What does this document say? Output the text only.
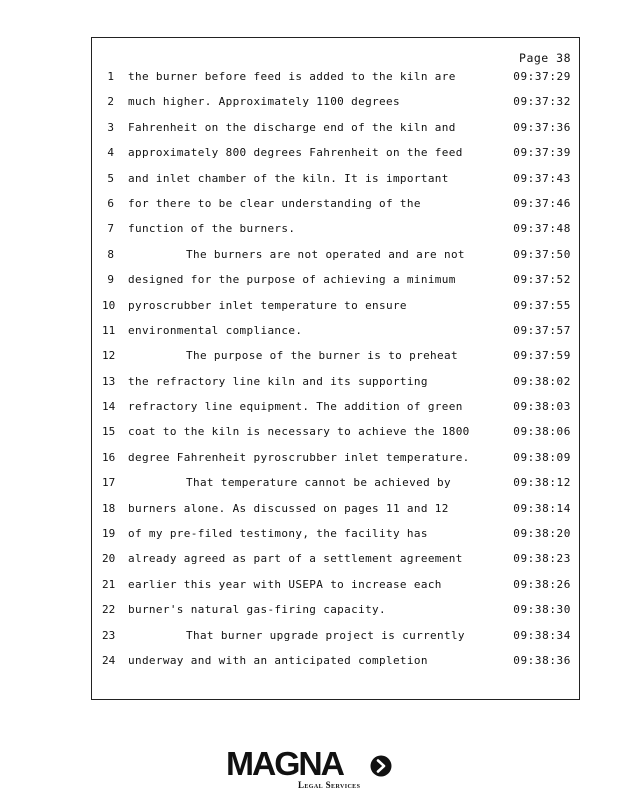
Page 38
1 the burner before feed is added to the kiln are	09:37:29
2 much higher. Approximately 1100 degrees	09:37:32
3 Fahrenheit on the discharge end of the kiln and	09:37:36
4 approximately 800 degrees Fahrenheit on the feed	09:37:39
5 and inlet chamber of the kiln. It is important	09:37:43
6 for there to be clear understanding of the	09:37:46
7 function of the burners.	09:37:48
8	The burners are not operated and are not	09:37:50
9 designed for the purpose of achieving a minimum	09:37:52
10 pyroscrubber inlet temperature to ensure	09:37:55
11 environmental compliance.	09:37:57
12	The purpose of the burner is to preheat	09:37:59
13 the refractory line kiln and its supporting	09:38:02
14 refractory line equipment. The addition of green	09:38:03
15 coat to the kiln is necessary to achieve the 1800	09:38:06
16 degree Fahrenheit pyroscrubber inlet temperature.	09:38:09
17	That temperature cannot be achieved by	09:38:12
18 burners alone. As discussed on pages 11 and 12	09:38:14
19 of my pre-filed testimony, the facility has	09:38:20
20 already agreed as part of a settlement agreement	09:38:23
21 earlier this year with USEPA to increase each	09:38:26
22 burner's natural gas-firing capacity.	09:38:30
23	That burner upgrade project is currently	09:38:34
24 underway and with an anticipated completion	09:38:36
MAGNA
Legal Services
